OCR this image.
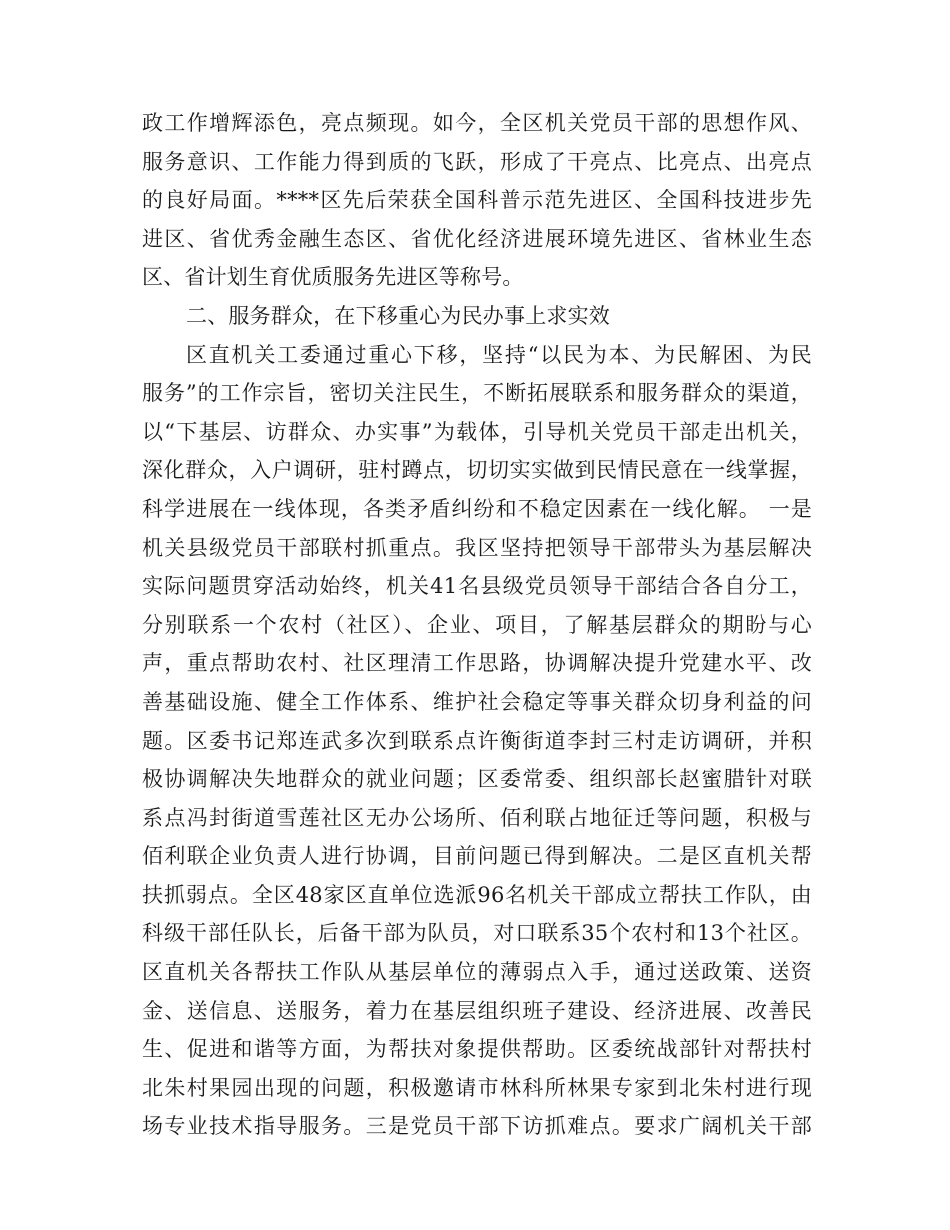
政工作增辉添色，亮点频现。如今，全区机关党员干部的思想作风、
服务意识、工作能力得到质的飞跃，形成了干亮点、比亮点、出亮点
的良好局面。****区先后荣获全国科普示范先进区、全国科技进步先
进区、省优秀金融生态区、省优化经济进展环境先进区、省林业生态
区、省计划生育优质服务先进区等称号。
二、服务群众，在下移重心为民办事上求实效
区直机关工委通过重心下移，坚持“以民为本、为民解困、为民
服务”的工作宗旨，密切关注民生，不断拓展联系和服务群众的渠道，
以“下基层、访群众、办实事”为载体，引导机关党员干部走出机关，
深化群众，入户调研，驻村蹲点，切切实实做到民情民意在一线掌握，
科学进展在一线体现，各类矛盾纠纷和不稳定因素在一线化解。 一是
机关县级党员干部联村抓重点。我区坚持把领导干部带头为基层解决
实际问题贯穿活动始终，机关41名县级党员领导干部结合各自分工，
分别联系一个农村（社区）、企业、项目，了解基层群众的期盼与心
声，重点帮助农村、社区理清工作思路，协调解决提升党建水平、改
善基础设施、健全工作体系、维护社会稳定等事关群众切身利益的问
题。区委书记郑连武多次到联系点许衡街道李封三村走访调研，并积
极协调解决失地群众的就业问题；区委常委、组织部长赵蜜腊针对联
系点冯封街道雪莲社区无办公场所、佰利联占地征迁等问题，积极与
佰利联企业负责人进行协调，目前问题已得到解决。二是区直机关帮
扶抓弱点。全区48家区直单位选派96名机关干部成立帮扶工作队，由
科级干部任队长，后备干部为队员，对口联系35个农村和13个社区。
区直机关各帮扶工作队从基层单位的薄弱点入手，通过送政策、送资
金、送信息、送服务，着力在基层组织班子建设、经济进展、改善民
生、促进和谐等方面，为帮扶对象提供帮助。区委统战部针对帮扶村
北朱村果园出现的问题，积极邀请市林科所林果专家到北朱村进行现
场专业技术指导服务。三是党员干部下访抓难点。要求广阔机关干部
